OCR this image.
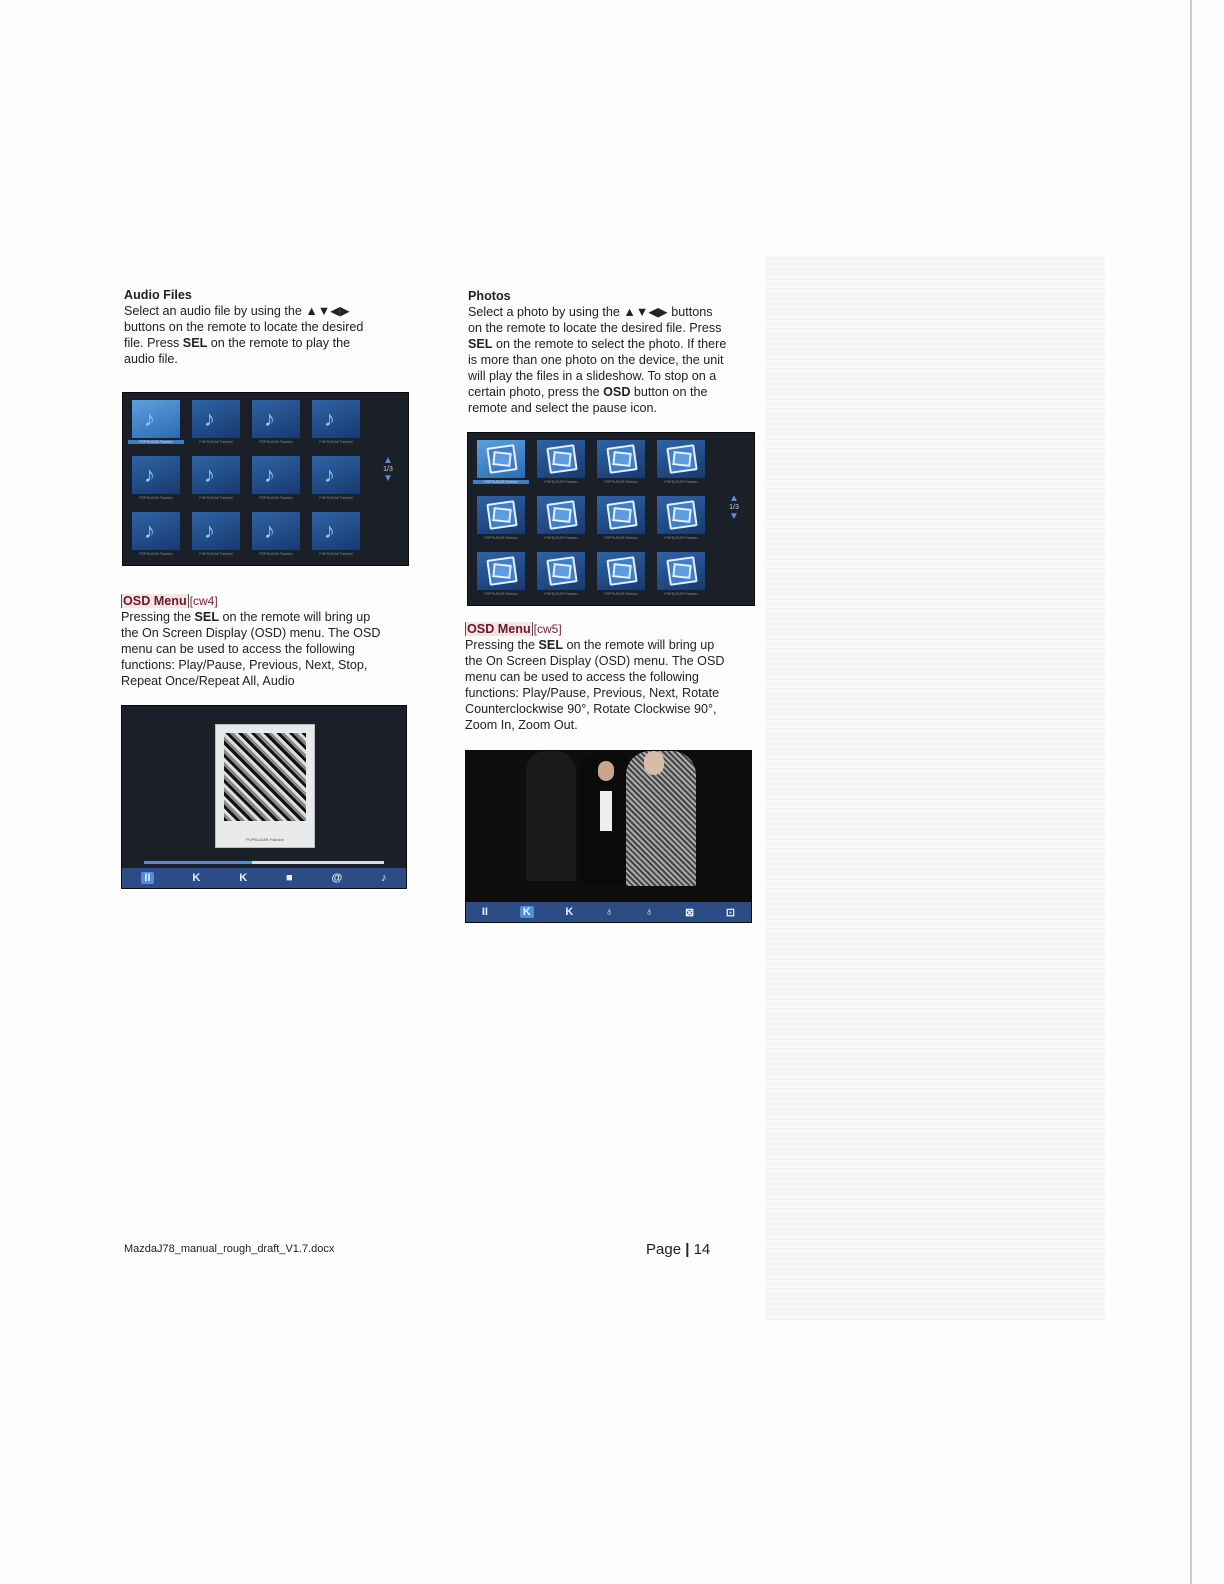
Audio Files

Select an audio file by using the ▲▼◀▶

buttons on the remote to locate the desired

file. Press SEL on the remote to play the

audio file.

♪
POPSUGAR Fashion
♪
POPSUGAR Fashion
♪
POPSUGAR Fashion
♪
POPSUGAR Fashion
♪
POPSUGAR Fashion
♪
POPSUGAR Fashion
♪
POPSUGAR Fashion
♪
POPSUGAR Fashion
♪
POPSUGAR Fashion
♪
POPSUGAR Fashion
♪
POPSUGAR Fashion
♪
POPSUGAR Fashion
▲
1/3
▼
OSD Menu [cw4 ]

Pressing the SEL on the remote will bring up

the On Screen Display (OSD) menu. The OSD

menu can be used to access the following

functions: Play/Pause, Previous, Next, Stop,

Repeat Once/Repeat All, Audio

POPSUGAR Fashion
II	K	K	■	@	♪
Photos

Select a photo by using the ▲▼◀▶ buttons

on the remote to locate the desired file. Press

SEL on the remote to select the photo. If there

is more than one photo on the device, the unit

will play the files in a slideshow. To stop on a

certain photo, press the OSD button on the

remote and select the pause icon.

POPSUGAR Fashion	POPSUGAR Fashion	POPSUGAR Fashion	POPSUGAR Fashion
POPSUGAR Fashion	POPSUGAR Fashion	POPSUGAR Fashion	POPSUGAR Fashion
POPSUGAR Fashion	POPSUGAR Fashion	POPSUGAR Fashion	POPSUGAR Fashion
▲
1/3
▼
OSD Menu [cw5 ]

Pressing the SEL on the remote will bring up

the On Screen Display (OSD) menu. The OSD

menu can be used to access the following

functions: Play/Pause, Previous, Next, Rotate

Counterclockwise 90°, Rotate Clockwise 90°,

Zoom In, Zoom Out.

II	K	K	♁	♁	⊠	⊡
MazdaJ78_manual_rough_draft_V1.7.docx	Page | 14
